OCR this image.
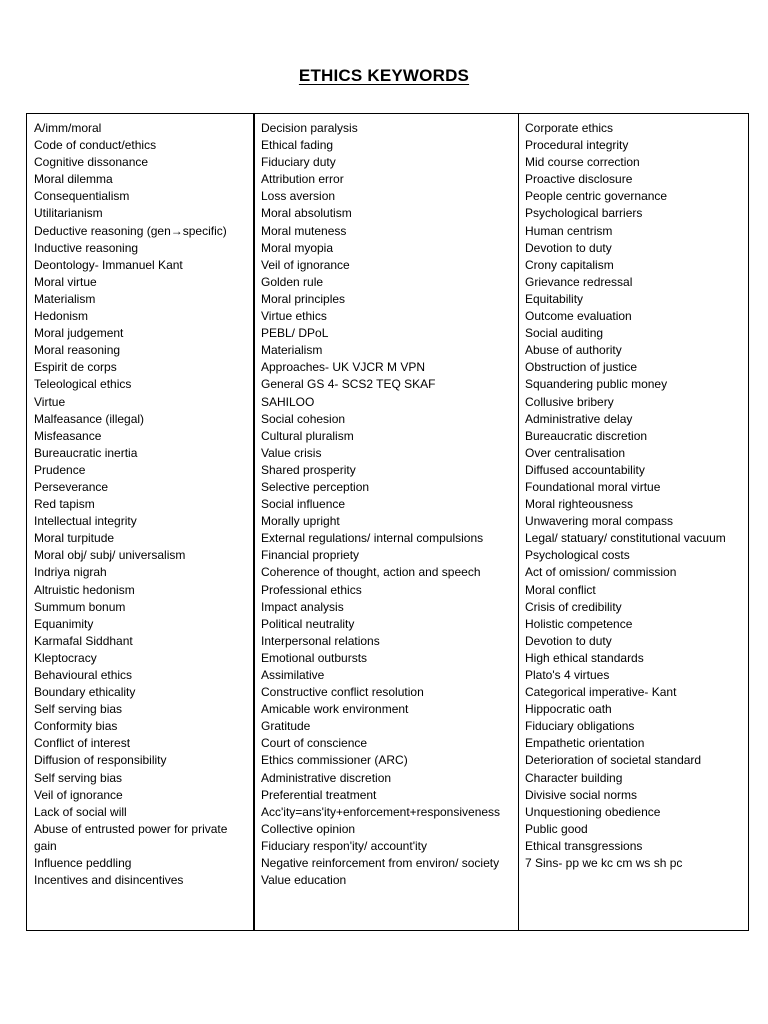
ETHICS KEYWORDS
A/imm/moral
Code of conduct/ethics
Cognitive dissonance
Moral dilemma
Consequentialism
Utilitarianism
Deductive reasoning (gen→specific)
Inductive reasoning
Deontology- Immanuel Kant
Moral virtue
Materialism
Hedonism
Moral judgement
Moral reasoning
Espirit de corps
Teleological ethics
Virtue
Malfeasance (illegal)
Misfeasance
Bureaucratic inertia
Prudence
Perseverance
Red tapism
Intellectual integrity
Moral turpitude
Moral obj/ subj/ universalism
Indriya nigrah
Altruistic hedonism
Summum bonum
Equanimity
Karmafal Siddhant
Kleptocracy
Behavioural ethics
Boundary ethicality
Self serving bias
Conformity bias
Conflict of interest
Diffusion of responsibility
Self serving bias
Veil of ignorance
Lack of social will
Abuse of entrusted power for private gain
Influence peddling
Incentives and disincentives
Decision paralysis
Ethical fading
Fiduciary duty
Attribution error
Loss aversion
Moral absolutism
Moral muteness
Moral myopia
Veil of ignorance
Golden rule
Moral principles
Virtue ethics
PEBL/ DPoL
Materialism
Approaches- UK VJCR M VPN
General GS 4- SCS2 TEQ SKAF
SAHILOO
Social cohesion
Cultural pluralism
Value crisis
Shared prosperity
Selective perception
Social influence
Morally upright
External regulations/ internal compulsions
Financial propriety
Coherence of thought, action and speech
Professional ethics
Impact analysis
Political neutrality
Interpersonal relations
Emotional outbursts
Assimilative
Constructive conflict resolution
Amicable work environment
Gratitude
Court of conscience
Ethics commissioner (ARC)
Administrative discretion
Preferential treatment
Acc'ity=ans'ity+enforcement+responsiveness
Collective opinion
Fiduciary respon'ity/ account'ity
Negative reinforcement from environ/ society
Value education
Corporate ethics
Procedural integrity
Mid course correction
Proactive disclosure
People centric governance
Psychological barriers
Human centrism
Devotion to duty
Crony capitalism
Grievance redressal
Equitability
Outcome evaluation
Social auditing
Abuse of authority
Obstruction of justice
Squandering public money
Collusive bribery
Administrative delay
Bureaucratic discretion
Over centralisation
Diffused accountability
Foundational moral virtue
Moral righteousness
Unwavering moral compass
Legal/ statuary/ constitutional vacuum
Psychological costs
Act of omission/ commission
Moral conflict
Crisis of credibility
Holistic competence
Devotion to duty
High ethical standards
Plato's 4 virtues
Categorical imperative- Kant
Hippocratic oath
Fiduciary obligations
Empathetic orientation
Deterioration of societal standard
Character building
Divisive social norms
Unquestioning obedience
Public good
Ethical transgressions
7 Sins- pp we kc cm ws sh pc
